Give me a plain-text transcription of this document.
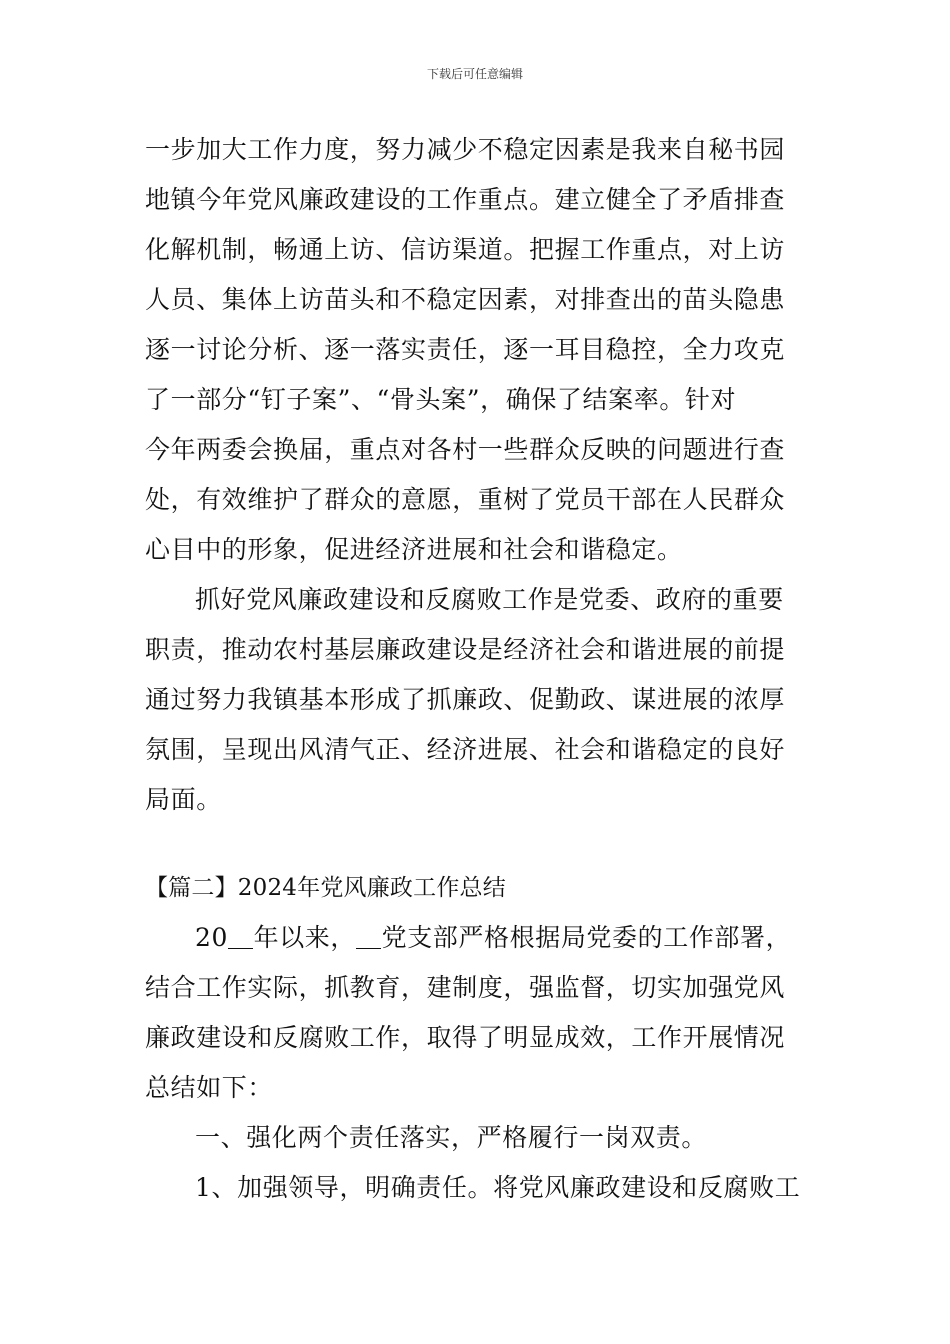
下载后可任意编辑
一步加大工作力度，努力减少不稳定因素是我来自秘书园
地镇今年党风廉政建设的工作重点。建立健全了矛盾排查
化解机制，畅通上访、信访渠道。把握工作重点，对上访
人员、集体上访苗头和不稳定因素，对排查出的苗头隐患
逐一讨论分析、逐一落实责任，逐一耳目稳控，全力攻克
了一部分“钉子案”、“骨头案”，确保了结案率。针对
今年两委会换届，重点对各村一些群众反映的问题进行查
处，有效维护了群众的意愿，重树了党员干部在人民群众
心目中的形象，促进经济进展和社会和谐稳定。
抓好党风廉政建设和反腐败工作是党委、政府的重要
职责，推动农村基层廉政建设是经济社会和谐进展的前提
通过努力我镇基本形成了抓廉政、促勤政、谋进展的浓厚
氛围，呈现出风清气正、经济进展、社会和谐稳定的良好
局面。
【篇二】2024年党风廉政工作总结
20＿年以来，＿党支部严格根据局党委的工作部署，
结合工作实际，抓教育，建制度，强监督，切实加强党风
廉政建设和反腐败工作，取得了明显成效，工作开展情况
总结如下：
一、强化两个责任落实，严格履行一岗双责。
1、加强领导，明确责任。将党风廉政建设和反腐败工
